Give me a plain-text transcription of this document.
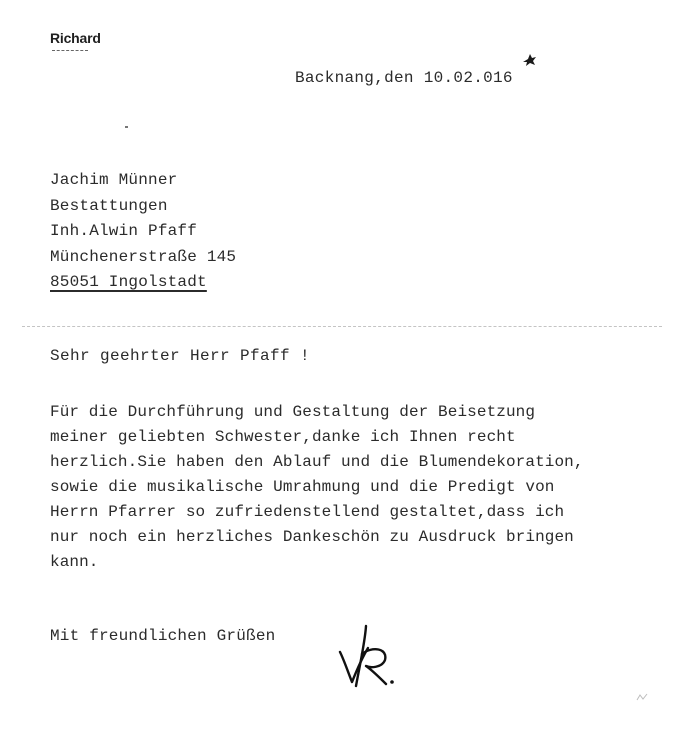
Richard
Backnang,den 10.02.016
Jachim Münner
Bestattungen
Inh.Alwin Pfaff
Münchenerstraße 145
85051 Ingolstadt
Sehr geehrter Herr Pfaff !
Für die Durchführung und Gestaltung der Beisetzung
meiner geliebten Schwester,danke ich Ihnen recht
herzlich.Sie haben den Ablauf und die Blumendekoration,
sowie die musikalische Umrahmung und die Predigt von
Herrn Pfarrer so zufriedenstellend gestaltet,dass ich
nur noch ein herzliches Dankeschön zu Ausdruck bringen
kann.
Mit freundlichen Grüßen
